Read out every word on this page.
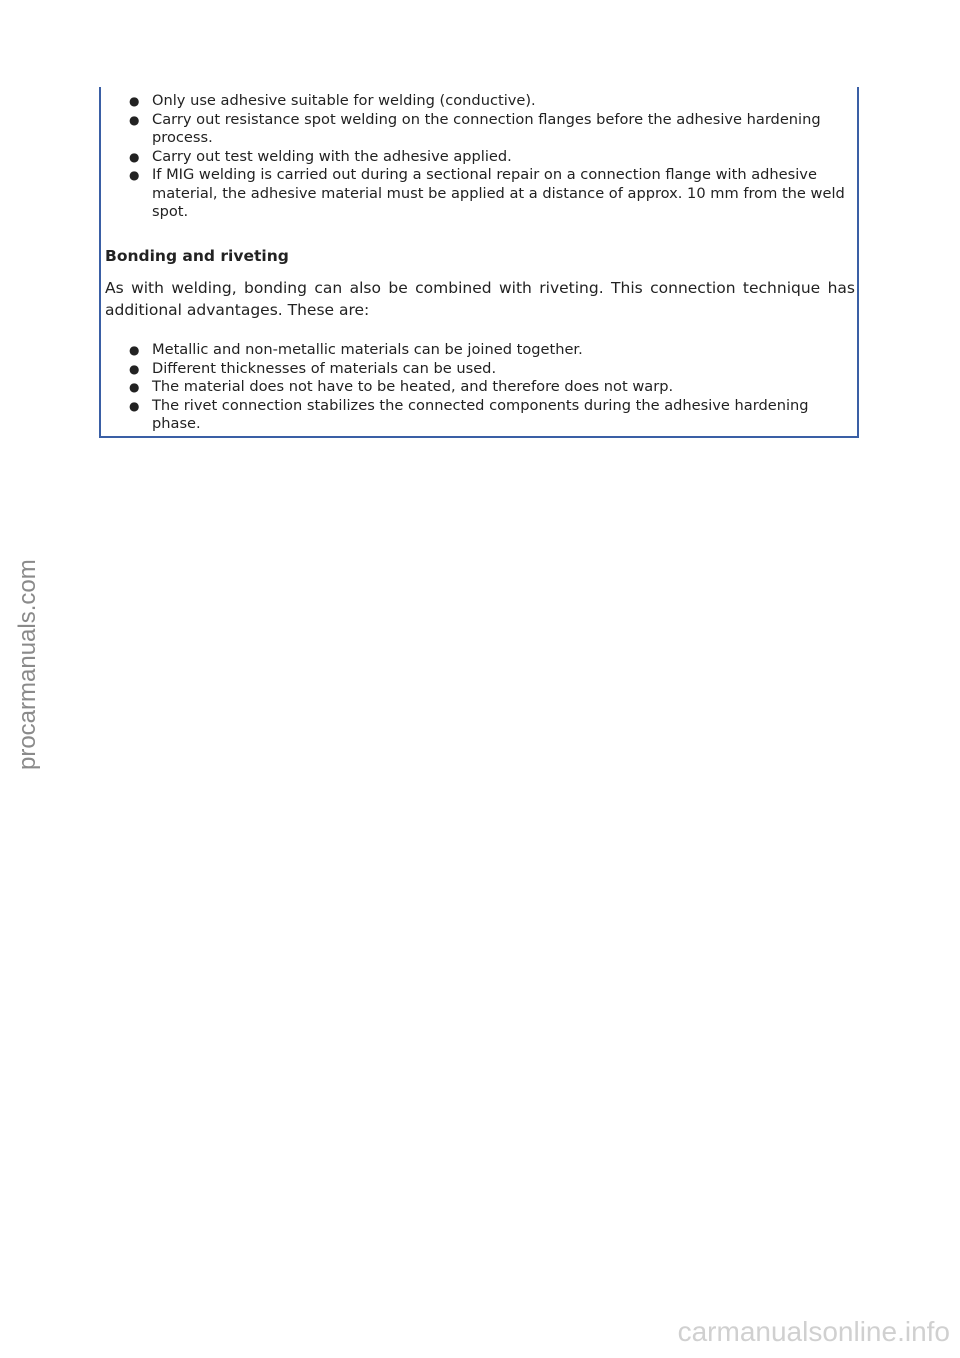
● Only use adhesive suitable for welding (conductive).
● Carry out resistance spot welding on the connection flanges before the adhesive hardening process.
● Carry out test welding with the adhesive applied.
● If MIG welding is carried out during a sectional repair on a connection flange with adhesive material, the adhesive material must be applied at a distance of approx. 10 mm from the weld spot.
Bonding and riveting

As with welding, bonding can also be combined with riveting. This connection technique has additional advantages. These are:

● Metallic and non-metallic materials can be joined together.
● Different thicknesses of materials can be used.
● The material does not have to be heated, and therefore does not warp.
● The rivet connection stabilizes the connected components during the adhesive hardening phase.
procarmanuals.com
carmanualsonline.info
